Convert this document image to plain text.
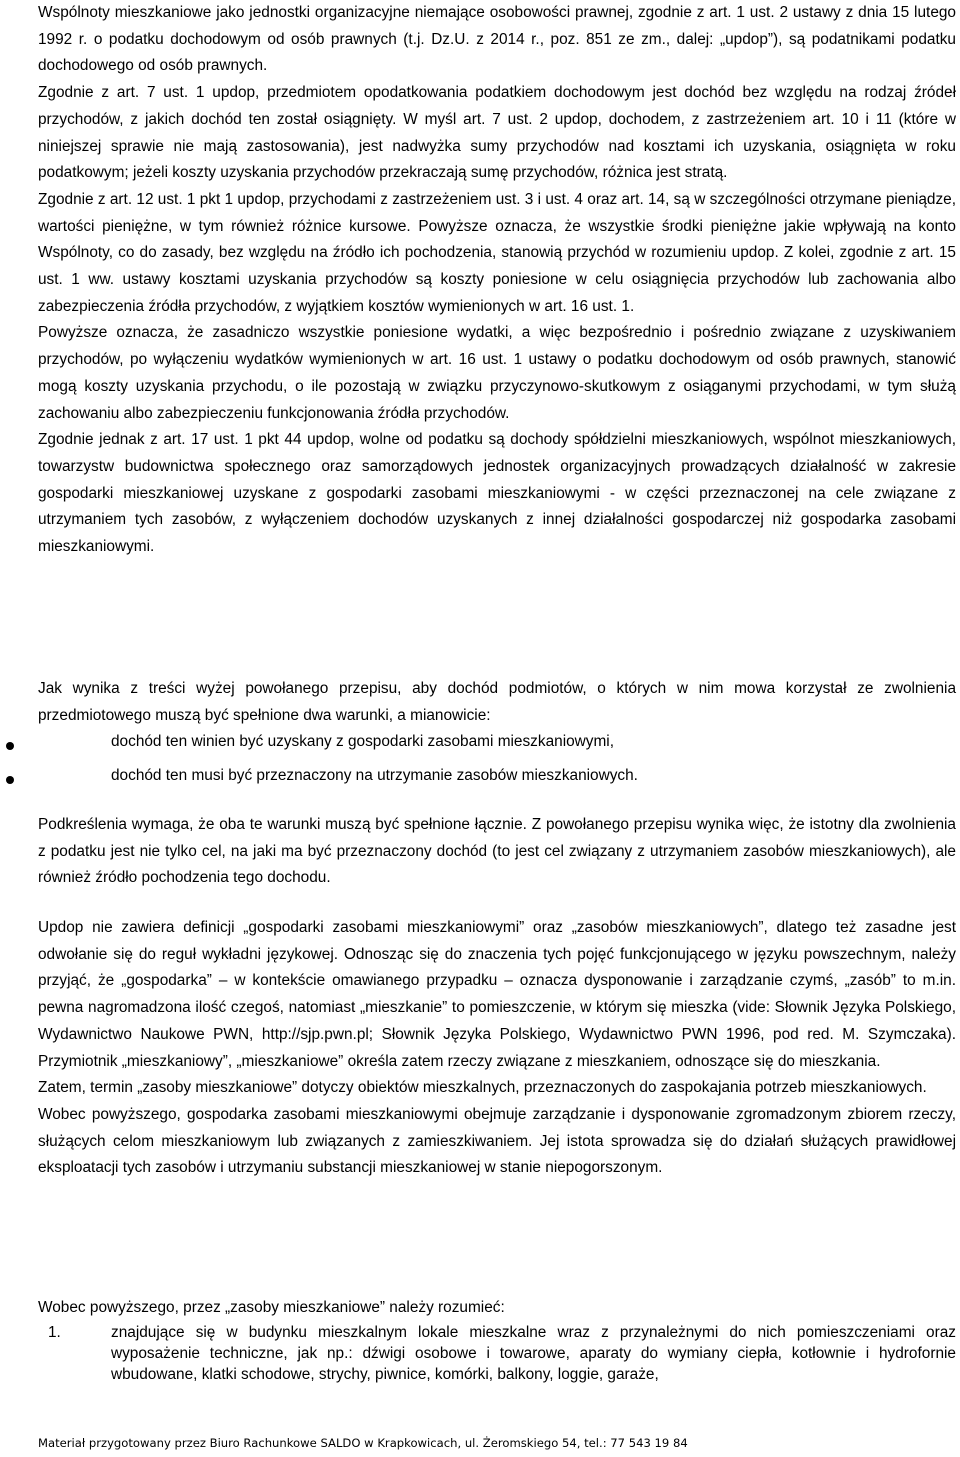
Wspólnoty mieszkaniowe jako jednostki organizacyjne niemające osobowości prawnej, zgodnie z art. 1 ust. 2 ustawy z dnia 15 lutego 1992 r. o podatku dochodowym od osób prawnych (t.j. Dz.U. z 2014 r., poz. 851 ze zm., dalej: „updop”), są podatnikami podatku dochodowego od osób prawnych.

Zgodnie z art. 7 ust. 1 updop, przedmiotem opodatkowania podatkiem dochodowym jest dochód bez względu na rodzaj źródeł przychodów, z jakich dochód ten został osiągnięty. W myśl art. 7 ust. 2 updop, dochodem, z zastrzeżeniem art. 10 i 11 (które w niniejszej sprawie nie mają zastosowania), jest nadwyżka sumy przychodów nad kosztami ich uzyskania, osiągnięta w roku podatkowym; jeżeli koszty uzyskania przychodów przekraczają sumę przychodów, różnica jest stratą.

Zgodnie z art. 12 ust. 1 pkt 1 updop, przychodami z zastrzeżeniem ust. 3 i ust. 4 oraz art. 14, są w szczególności otrzymane pieniądze, wartości pieniężne, w tym również różnice kursowe. Powyższe oznacza, że wszystkie środki pieniężne jakie wpływają na konto Wspólnoty, co do zasady, bez względu na źródło ich pochodzenia, stanowią przychód w rozumieniu updop. Z kolei, zgodnie z art. 15 ust. 1 ww. ustawy kosztami uzyskania przychodów są koszty poniesione w celu osiągnięcia przychodów lub zachowania albo zabezpieczenia źródła przychodów, z wyjątkiem kosztów wymienionych w art. 16 ust. 1.

Powyższe oznacza, że zasadniczo wszystkie poniesione wydatki, a więc bezpośrednio i pośrednio związane z uzyskiwaniem przychodów, po wyłączeniu wydatków wymienionych w art. 16 ust. 1 ustawy o podatku dochodowym od osób prawnych, stanowić mogą koszty uzyskania przychodu, o ile pozostają w związku przyczynowo-skutkowym z osiąganymi przychodami, w tym służą zachowaniu albo zabezpieczeniu funkcjonowania źródła przychodów.

Zgodnie jednak z art. 17 ust. 1 pkt 44 updop, wolne od podatku są dochody spółdzielni mieszkaniowych, wspólnot mieszkaniowych, towarzystw budownictwa społecznego oraz samorządowych jednostek organizacyjnych prowadzących działalność w zakresie gospodarki mieszkaniowej uzyskane z gospodarki zasobami mieszkaniowymi - w części przeznaczonej na cele związane z utrzymaniem tych zasobów, z wyłączeniem dochodów uzyskanych z innej działalności gospodarczej niż gospodarka zasobami mieszkaniowymi.

Jak wynika z treści wyżej powołanego przepisu, aby dochód podmiotów, o których w nim mowa korzystał ze zwolnienia przedmiotowego muszą być spełnione dwa warunki, a mianowicie:

dochód ten winien być uzyskany z gospodarki zasobami mieszkaniowymi,
dochód ten musi być przeznaczony na utrzymanie zasobów mieszkaniowych.

Podkreślenia wymaga, że oba te warunki muszą być spełnione łącznie. Z powołanego przepisu wynika więc, że istotny dla zwolnienia z podatku jest nie tylko cel, na jaki ma być przeznaczony dochód (to jest cel związany z utrzymaniem zasobów mieszkaniowych), ale również źródło pochodzenia tego dochodu.

Updop nie zawiera definicji „gospodarki zasobami mieszkaniowymi” oraz „zasobów mieszkaniowych”, dlatego też zasadne jest odwołanie się do reguł wykładni językowej. Odnosząc się do znaczenia tych pojęć funkcjonującego w języku powszechnym, należy przyjąć, że „gospodarka” – w kontekście omawianego przypadku – oznacza dysponowanie i zarządzanie czymś, „zasób” to m.in. pewna nagromadzona ilość czegoś, natomiast „mieszkanie” to pomieszczenie, w którym się mieszka (vide: Słownik Języka Polskiego, Wydawnictwo Naukowe PWN, http://sjp.pwn.pl; Słownik Języka Polskiego, Wydawnictwo PWN 1996, pod red. M. Szymczaka). Przymiotnik „mieszkaniowy”, „mieszkaniowe” określa zatem rzeczy związane z mieszkaniem, odnoszące się do mieszkania.

Zatem, termin „zasoby mieszkaniowe” dotyczy obiektów mieszkalnych, przeznaczonych do zaspokajania potrzeb mieszkaniowych.

Wobec powyższego, gospodarka zasobami mieszkaniowymi obejmuje zarządzanie i dysponowanie zgromadzonym zbiorem rzeczy, służących celom mieszkaniowym lub związanych z zamieszkiwaniem. Jej istota sprowadza się do działań służących prawidłowej eksploatacji tych zasobów i utrzymaniu substancji mieszkaniowej w stanie niepogorszonym.

Wobec powyższego, przez „zasoby mieszkaniowe” należy rozumieć:

1.	znajdujące się w budynku mieszkalnym lokale mieszkalne wraz z przynależnymi do nich pomieszczeniami oraz wyposażenie techniczne, jak np.: dźwigi osobowe i towarowe, aparaty do wymiany ciepła, kotłownie i hydrofornie wbudowane, klatki schodowe, strychy, piwnice, komórki, balkony, loggie, garaże,
Materiał przygotowany przez Biuro Rachunkowe SALDO w Krapkowicach, ul. Żeromskiego 54, tel.: 77 543 19 84
